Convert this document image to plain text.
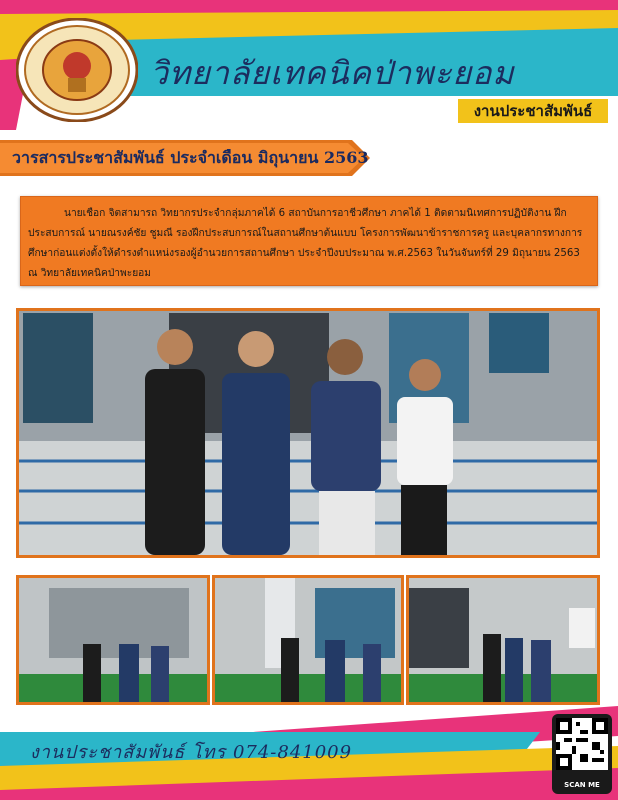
วิทยาลัยเทคนิคป่าพะยอม
งานประชาสัมพันธ์
วารสารประชาสัมพันธ์ ประจำเดือน มิถุนายน 2563
นายเชือก จิตสามารถ วิทยากรประจำกลุ่มภาคได้ 6 สถาบันการอาชีวศึกษา ภาคได้ 1 ติดตามนิเทศการปฏิบัติงาน ฝึกประสบการณ์ นายณรงค์ชัย ชูมณี รองฝึกประสบการณ์ในสถานศึกษาต้นแบบ โครงการพัฒนาข้าราชการครู และบุคลากรทางการศึกษาก่อนแต่งตั้งให้ดำรงตำแหน่งรองผู้อำนวยการสถานศึกษา ประจำปีงบประมาณ พ.ศ.2563 ในวันจันทร์ที่ 29 มิถุนายน 2563 ณ วิทยาลัยเทคนิคป่าพะยอม
งานประชาสัมพันธ์ โทร 074-841009
SCAN ME
